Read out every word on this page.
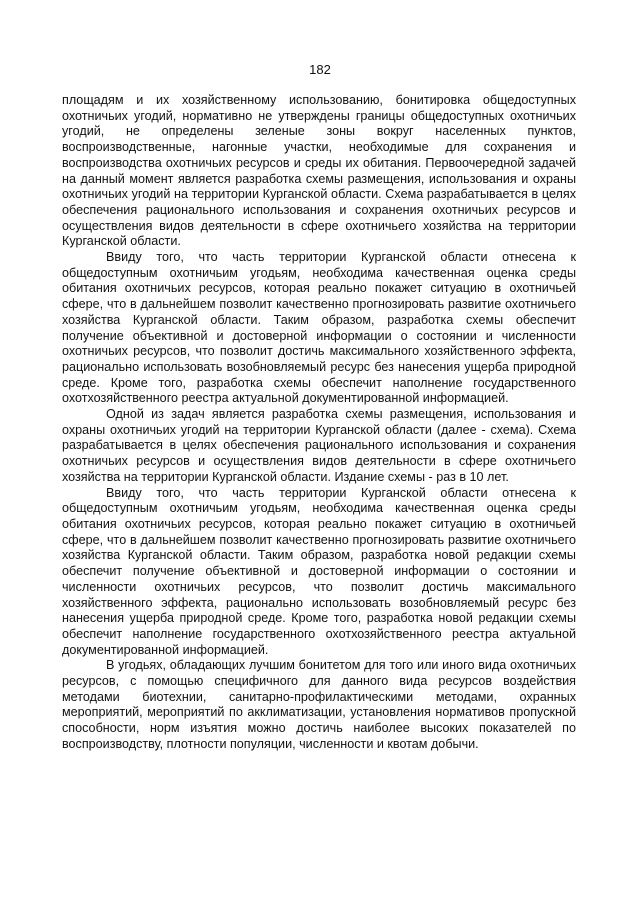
182

площадям и их хозяйственному использованию, бонитировка общедоступных охотничьих угодий, нормативно не утверждены границы общедоступных охотничьих угодий, не определены зеленые зоны вокруг населенных пунктов, воспроизводственные, нагонные участки, необходимые для сохранения и воспроизводства охотничьих ресурсов и среды их обитания. Первоочередной задачей на данный момент является разработка схемы размещения, использования и охраны охотничьих угодий на территории Курганской области. Схема разрабатывается в целях обеспечения рационального использования и сохранения охотничьих ресурсов и осуществления видов деятельности в сфере охотничьего хозяйства на территории Курганской области.

Ввиду того, что часть территории Курганской области отнесена к общедоступным охотничьим угодьям, необходима качественная оценка среды обитания охотничьих ресурсов, которая реально покажет ситуацию в охотничьей сфере, что в дальнейшем позволит качественно прогнозировать развитие охотничьего хозяйства Курганской области. Таким образом, разработка схемы обеспечит получение объективной и достоверной информации о состоянии и численности охотничьих ресурсов, что позволит достичь максимального хозяйственного эффекта, рационально использовать возобновляемый ресурс без нанесения ущерба природной среде. Кроме того, разработка схемы обеспечит наполнение государственного охотхозяйственного реестра актуальной документированной информацией.

Одной из задач является разработка схемы размещения, использования и охраны охотничьих угодий на территории Курганской области (далее - схема). Схема разрабатывается в целях обеспечения рационального использования и сохранения охотничьих ресурсов и осуществления видов деятельности в сфере охотничьего хозяйства на территории Курганской области. Издание схемы - раз в 10 лет.

Ввиду того, что часть территории Курганской области отнесена к общедоступным охотничьим угодьям, необходима качественная оценка среды обитания охотничьих ресурсов, которая реально покажет ситуацию в охотничьей сфере, что в дальнейшем позволит качественно прогнозировать развитие охотничьего хозяйства Курганской области. Таким образом, разработка новой редакции схемы обеспечит получение объективной и достоверной информации о состоянии и численности охотничьих ресурсов, что позволит достичь максимального хозяйственного эффекта, рационально использовать возобновляемый ресурс без нанесения ущерба природной среде. Кроме того, разработка новой редакции схемы обеспечит наполнение государственного охотхозяйственного реестра актуальной документированной информацией.

В угодьях, обладающих лучшим бонитетом для того или иного вида охотничьих ресурсов, с помощью специфичного для данного вида ресурсов воздействия методами биотехнии, санитарно-профилактическими методами, охранных мероприятий, мероприятий по акклиматизации, установления нормативов пропускной способности, норм изъятия можно достичь наиболее высоких показателей по воспроизводству, плотности популяции, численности и квотам добычи.
